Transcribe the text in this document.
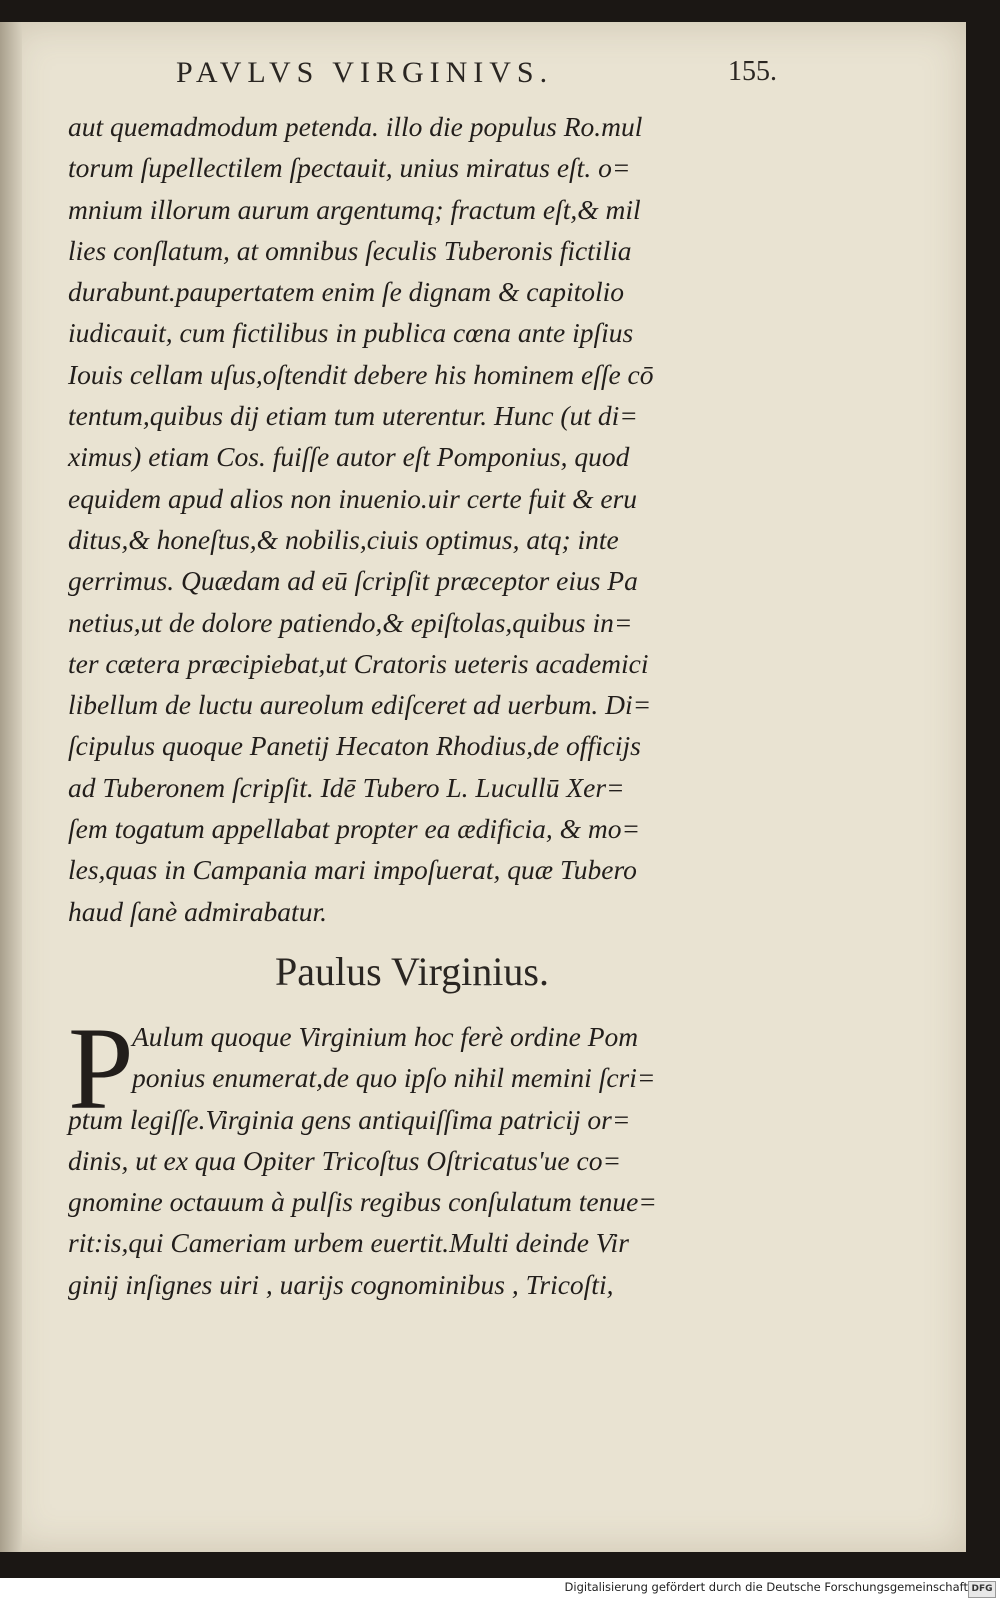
PAVLVS VIRGINIVS.	155.
aut quemadmodum petenda. illo die populus Ro.mul
torum ſupellectilem ſpectauit, unius miratus eſt. o=
mnium illorum aurum argentumq; fractum eſt,& mil
lies conſlatum, at omnibus ſeculis Tuberonis fictilia
durabunt.paupertatem enim ſe dignam & capitolio
iudicauit, cum fictilibus in publica cœna ante ipſius
Iouis cellam uſus,oſtendit debere his hominem eſſe cō
tentum,quibus dij etiam tum uterentur. Hunc (ut di=
ximus) etiam Cos. fuiſſe autor eſt Pomponius, quod
equidem apud alios non inuenio.uir certe fuit & eru
ditus,& honeſtus,& nobilis,ciuis optimus, atq; inte
gerrimus. Quædam ad eū ſcripſit præceptor eius Pa
netius,ut de dolore patiendo,& epiſtolas,quibus in=
ter cætera præcipiebat,ut Cratoris ueteris academici
libellum de luctu aureolum ediſceret ad uerbum. Di=
ſcipulus quoque Panetij Hecaton Rhodius,de officijs
ad Tuberonem ſcripſit. Idē Tubero L. Lucullū Xer=
ſem togatum appellabat propter ea ædificia, & mo=
les,quas in Campania mari impoſuerat, quæ Tubero
haud ſanè admirabatur.
Paulus Virginius.
P
Aulum quoque Virginium hoc ferè ordine Pom
ponius enumerat,de quo ipſo nihil memini ſcri=
ptum legiſſe.Virginia gens antiquiſſima patricij or=
dinis, ut ex qua Opiter Tricoſtus Oſtricatus'ue co=
gnomine octauum à pulſis regibus conſulatum tenue=
rit:is,qui Cameriam urbem euertit.Multi deinde Vir
ginij inſignes uiri , uarijs cognominibus , Tricoſti,
Digitalisierung gefördert durch die Deutsche Forschungsgemeinschaft DFG
